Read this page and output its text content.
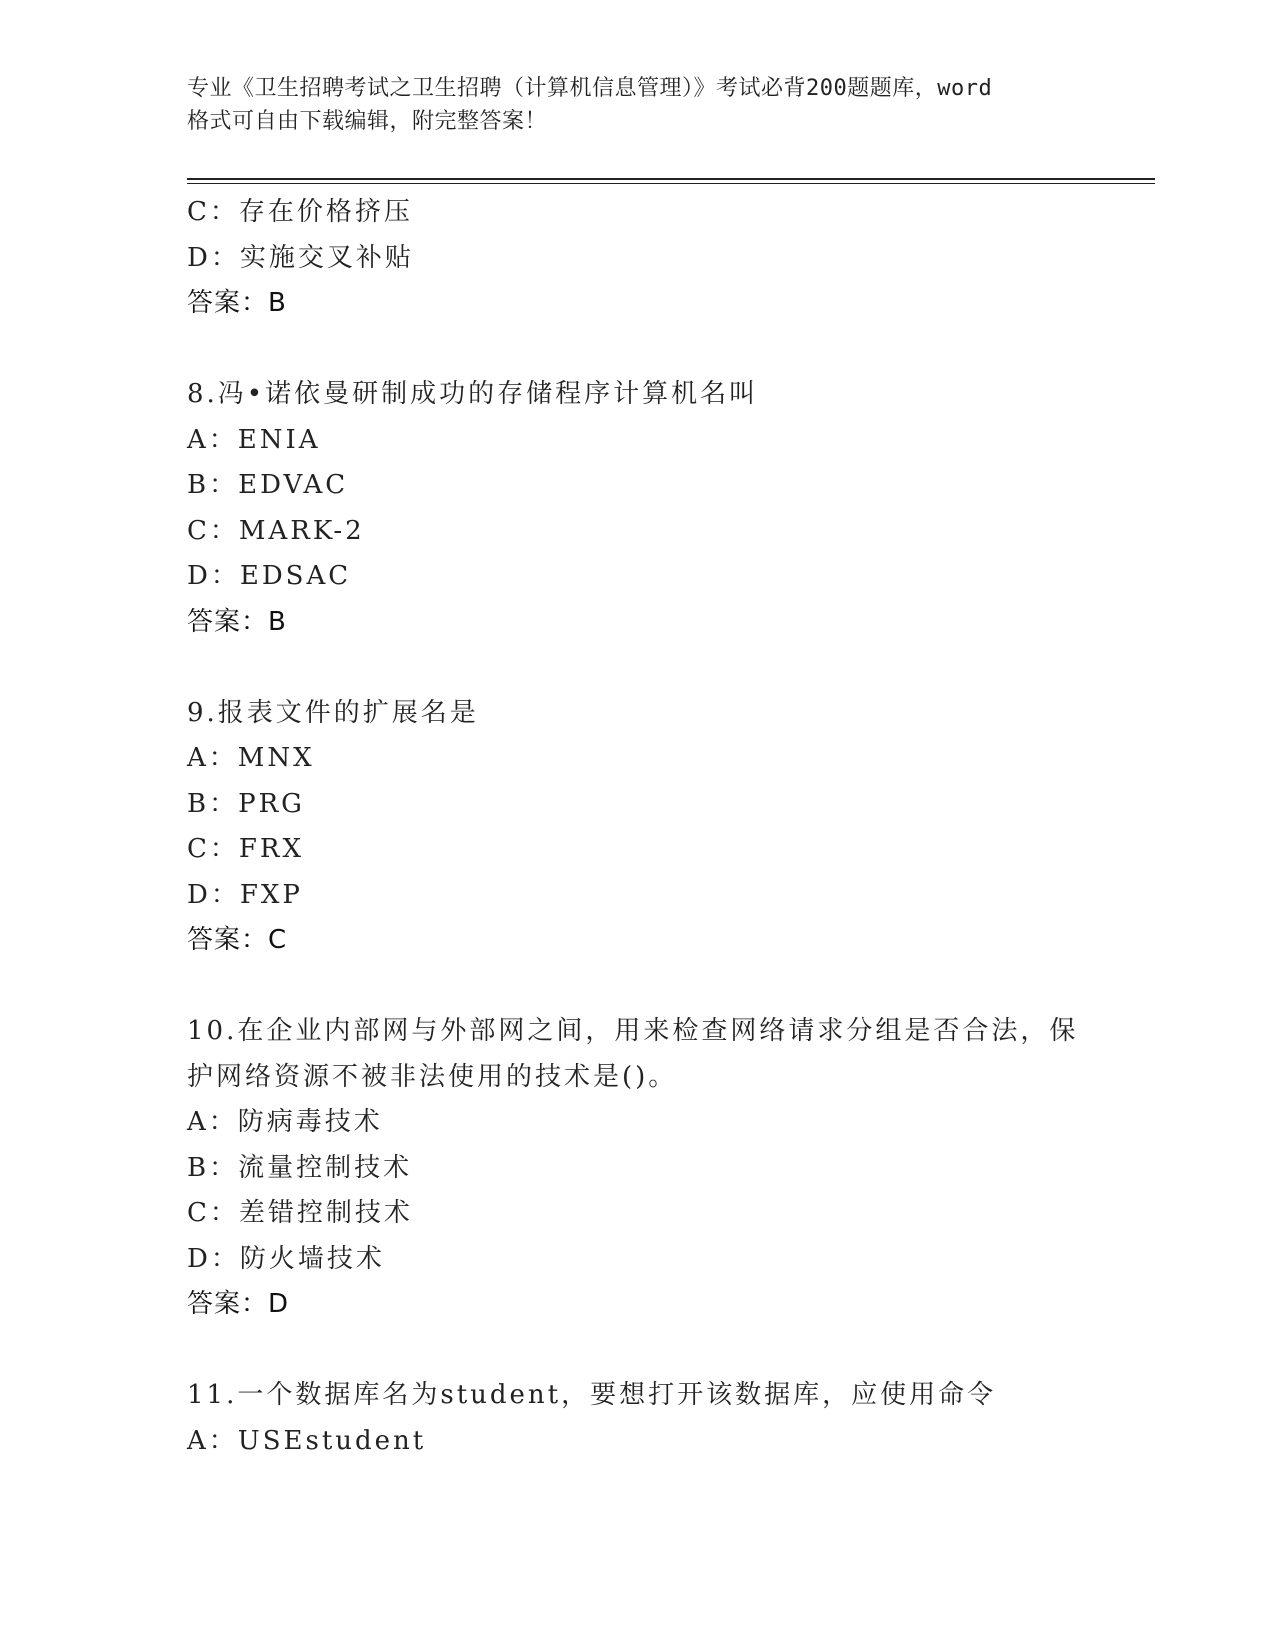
专业《卫生招聘考试之卫生招聘（计算机信息管理）》考试必背200题题库，word
格式可自由下载编辑，附完整答案！
C：存在价格挤压
D：实施交叉补贴
答案：B
8.冯•诺依曼研制成功的存储程序计算机名叫
A：ENIA
B：EDVAC
C：MARK-2
D：EDSAC
答案：B
9.报表文件的扩展名是
A：MNX
B：PRG
C：FRX
D：FXP
答案：C
10.在企业内部网与外部网之间，用来检查网络请求分组是否合法，保
护网络资源不被非法使用的技术是()。
A：防病毒技术
B：流量控制技术
C：差错控制技术
D：防火墙技术
答案：D
11.一个数据库名为student，要想打开该数据库，应使用命令
A：USEstudent
